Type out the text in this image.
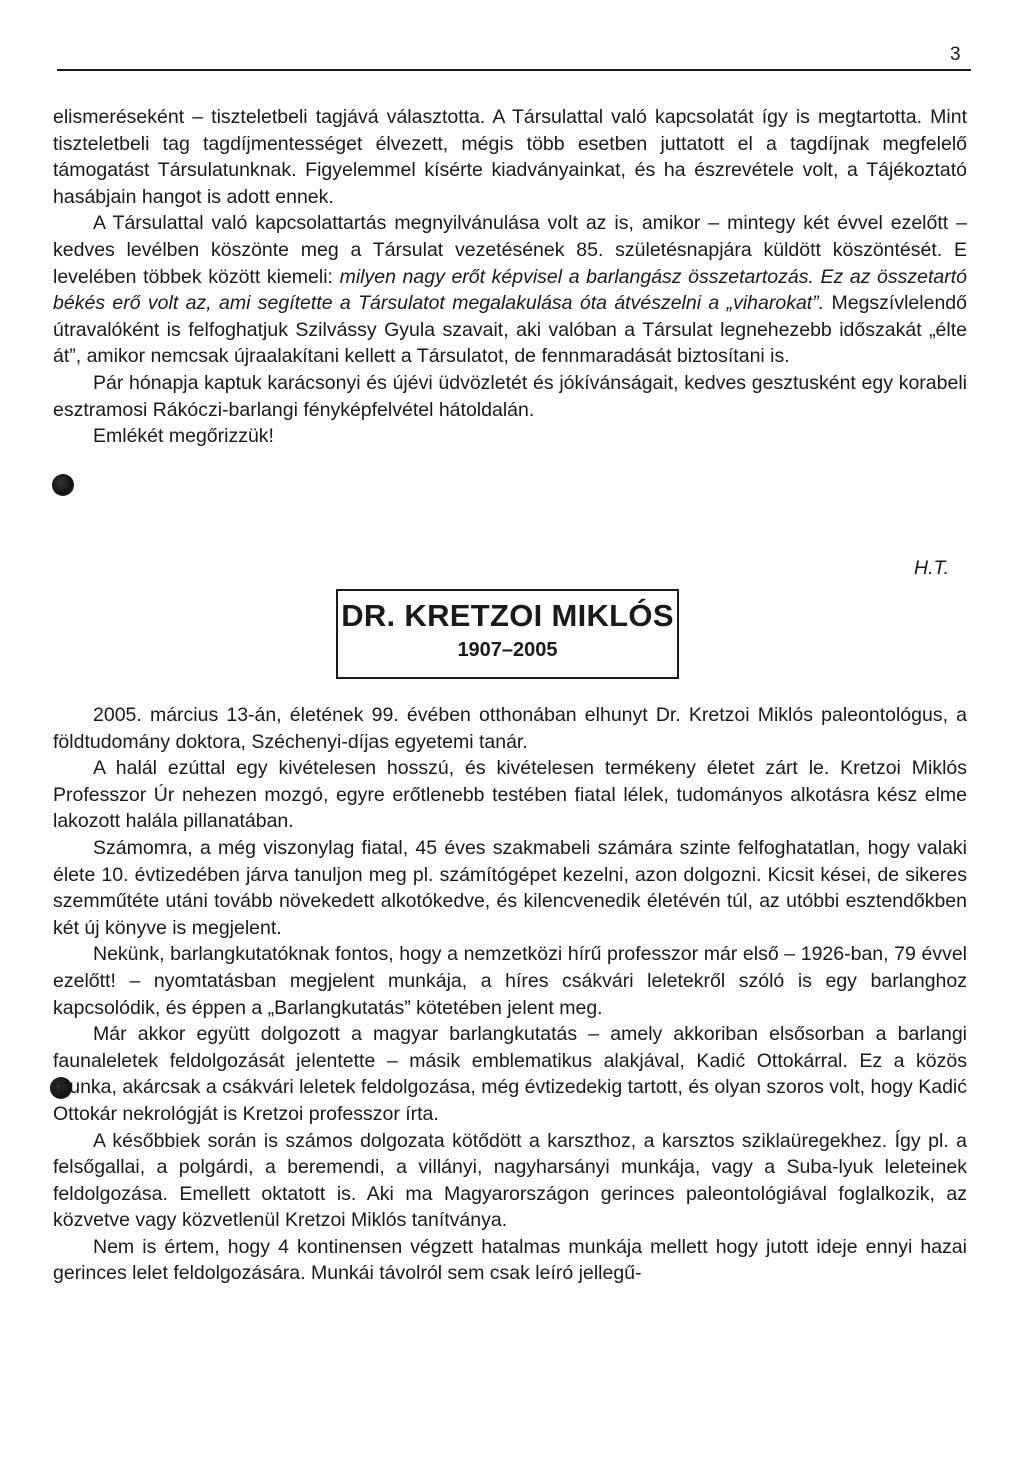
3

elismeréseként – tiszteletbeli tagjává választotta. A Társulattal való kapcsolatát így is megtartotta. Mint tiszteletbeli tag tagdíjmentességet élvezett, mégis több esetben juttatott el a tagdíjnak megfelelő támogatást Társulatunknak. Figyelemmel kísérte kiadványainkat, és ha észrevétele volt, a Tájékoztató hasábjain hangot is adott ennek.

A Társulattal való kapcsolattartás megnyilvánulása volt az is, amikor – mintegy két évvel ezelőtt – kedves levélben köszönte meg a Társulat vezetésének 85. születésnapjára küldött köszöntését. E levelében többek között kiemeli: milyen nagy erőt képvisel a barlangász összetartozás. Ez az összetartó békés erő volt az, ami segítette a Társulatot megalakulása óta átvészelni a „viharokat”. Megszívlelendő útravalóként is felfoghatjuk Szilvássy Gyula szavait, aki valóban a Társulat legnehezebb időszakát „élte át”, amikor nemcsak újraalakítani kellett a Társulatot, de fennmaradását biztosítani is.

Pár hónapja kaptuk karácsonyi és újévi üdvözletét és jókívánságait, kedves gesztusként egy korabeli esztramosi Rákóczi-barlangi fényképfelvétel hátoldalán.

Emlékét megőrizzük!

H.T.
DR. KRETZOI MIKLÓS
1907–2005

2005. március 13-án, életének 99. évében otthonában elhunyt Dr. Kretzoi Miklós paleontológus, a földtudomány doktora, Széchenyi-díjas egyetemi tanár.

A halál ezúttal egy kivételesen hosszú, és kivételesen termékeny életet zárt le. Kretzoi Miklós Professzor Úr nehezen mozgó, egyre erőtlenebb testében fiatal lélek, tudományos alkotásra kész elme lakozott halála pillanatában.

Számomra, a még viszonylag fiatal, 45 éves szakmabeli számára szinte felfoghatatlan, hogy valaki élete 10. évtizedében járva tanuljon meg pl. számítógépet kezelni, azon dolgozni. Kicsit kései, de sikeres szemműtéte utáni tovább növekedett alkotókedve, és kilencvenedik életévén túl, az utóbbi esztendőkben két új könyve is megjelent.

Nekünk, barlangkutatóknak fontos, hogy a nemzetközi hírű professzor már első – 1926-ban, 79 évvel ezelőtt! – nyomtatásban megjelent munkája, a híres csákvári leletekről szóló is egy barlanghoz kapcsolódik, és éppen a „Barlangkutatás” kötetében jelent meg.

Már akkor együtt dolgozott a magyar barlangkutatás – amely akkoriban elsősorban a barlangi faunaleletek feldolgozását jelentette – másik emblematikus alakjával, Kadić Ottokárral. Ez a közös munka, akárcsak a csákvári leletek feldolgozása, még évtizedekig tartott, és olyan szoros volt, hogy Kadić Ottokár nekrológját is Kretzoi professzor írta.

A későbbiek során is számos dolgozata kötődött a karszthoz, a karsztos sziklaüregekhez. Így pl. a felsőgallai, a polgárdi, a beremendi, a villányi, nagyharsányi munkája, vagy a Suba-lyuk leleteinek feldolgozása. Emellett oktatott is. Aki ma Magyarországon gerinces paleontológiával foglalkozik, az közvetve vagy közvetlenül Kretzoi Miklós tanítványa.

Nem is értem, hogy 4 kontinensen végzett hatalmas munkája mellett hogy jutott ideje ennyi hazai gerinces lelet feldolgozására. Munkái távolról sem csak leíró jellegű-
